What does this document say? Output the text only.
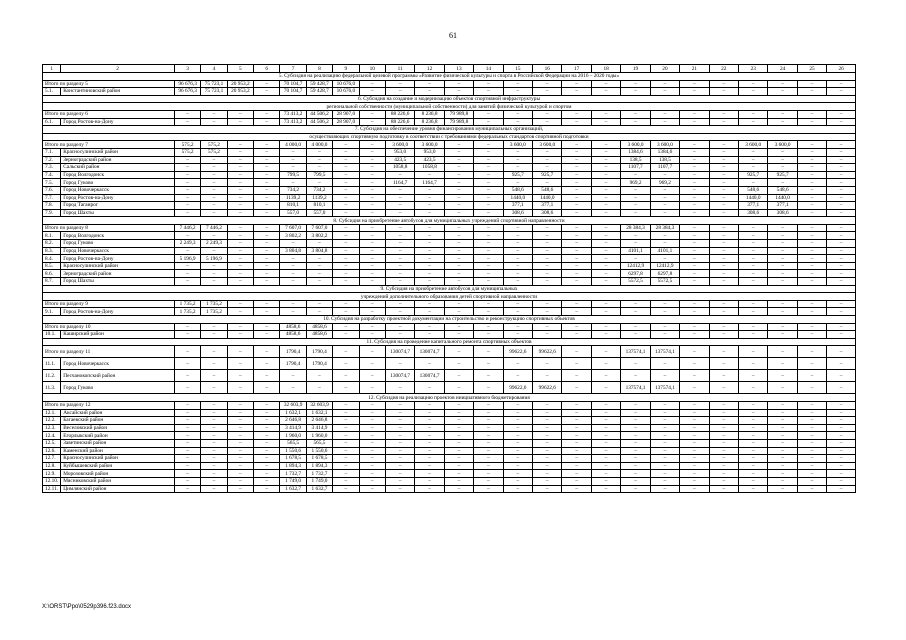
61
1	2	3	4	5	6	7	8	9	10	11	12	13	14	15	16	17	18	19	20	21	22	23	24	25	26
5. Субсидия на реализацию федеральной целевой программы «Развитие физической культуры и спорта в Российской Федерации на 2016 – 2020 годы»																									
Итого по разделу 5		96 676,3	75 723,1	20 953,2	–	70 104,7	59 428,7	10 676,0	–	–	–	–	–	–	–	–	–	–	–	–	–	–	–	–	–
5.1.	Константиновский район	96 676,3	75 723,1	20 953,2	–	70 104,7	59 428,7	10 676,0	–	–	–	–	–	–	–	–	–	–	–	–	–	–	–	–	–
6. Субсидия на создание и модернизацию объектов спортивной инфраструктуры																									
региональной собственности (муниципальной собственности) для занятий физической культурой и спортом																									
Итого по разделу 6		–	–	–	–	73 413,2	44 506,2	28 907,0	–	88 226,6	8 236,8	79 989,8	–	–	–	–	–	–	–	–	–	–	–	–	–
6.1.	Город Ростов-на-Дону	–	–	–	–	73 413,2	44 506,2	28 907,0	–	88 226,6	8 236,8	79 989,8	–	–	–	–	–	–	–	–	–	–	–	–	–
7. Субсидия на обеспечение уровня финансирования муниципальных организаций,																									
осуществляющих спортивную подготовку в соответствии с требованиями федеральных стандартов спортивной подготовки																									
Итого по разделу 7		575,2	575,2	–	–	4 000,0	4 000,0	–	–	3 600,0	3 600,0	–	–	3 600,0	3 600,0	–	–	3 600,0	3 600,0	–	–	3 600,0	3 600,0	–	–
7.1.	Красносулинский район	575,2	575,2	–	–	–	–	–	–	953,0	953,0	–	–	–	–	–	–	1384,6	1384,6	–	–	–	–	–	–
7.2.	Зерноградский район	–	–	–	–	–	–	–	–	423,5	423,5	–	–	–	–	–	–	138,5	138,5	–	–	–	–	–	–
7.3.	Сальский район	–	–	–	–	–	–	–	–	1058,8	1058,8	–	–	–	–	–	–	1107,7	1107,7	–	–	–	–	–	–
7.4.	Город Волгодонск	–	–	–	–	799,5	799,5	–	–	–	–	–	–	925,7	925,7	–	–	–	–	–	–	925,7	925,7	–	–
7.5.	Город Гуково	–	–	–	–	–	–	–	–	1164,7	1164,7	–	–	–	–	–	–	969,2	969,2	–	–	–	–	–	–
7.6.	Город Новочеркасск	–	–	–	–	734,2	734,2	–	–	–	–	–	–	548,6	548,6	–	–	–	–	–	–	548,6	548,6	–	–
7.7.	Город Ростов-на-Дону	–	–	–	–	1139,2	1139,2	–	–	–	–	–	–	1440,0	1440,0	–	–	–	–	–	–	1440,0	1440,0	–	–
7.8.	Город Таганрог	–	–	–	–	810,1	810,1	–	–	–	–	–	–	377,1	377,1	–	–	–	–	–	–	377,1	377,1	–	–
7.9.	Город Шахты	–	–	–	–	557,0	557,0	–	–	–	–	–	–	308,6	308,6	–	–	–	–	–	–	308,6	308,6	–	–
8. Субсидия на приобретение автобусов для муниципальных учреждений спортивной направленности																									
Итого по разделу 8		7 446,2	7 446,2	–	–	7 607,0	7 607,0	–	–	–	–	–	–	–	–	–	–	28 384,3	28 384,3	–	–	–	–	–	–
8.1.	Город Волгодонск	–	–	–	–	3 802,2	3 802,2	–	–	–	–	–	–	–	–	–	–	–	–	–	–	–	–	–	–
8.2.	Город Гуково	2 249,3	2 249,3	–	–	–	–	–	–	–	–	–	–	–	–	–	–	–	–	–	–	–	–	–	–
8.3.	Город Новочеркасск	–	–	–	–	3 804,8	3 804,8	–	–	–	–	–	–	–	–	–	–	4101,1	4101,1	–	–	–	–	–	–
8.4.	Город Ростов-на-Дону	5 196,9	5 196,9	–	–	–	–	–	–	–	–	–	–	–	–	–	–	–	–	–	–	–	–	–	–
8.5.	Красносулинский район	–	–	–	–	–	–	–	–	–	–	–	–	–	–	–	–	12412,9	12412,9	–	–	–	–	–	–
8.6.	Зерноградский район	–	–	–	–	–	–	–	–	–	–	–	–	–	–	–	–	6297,8	6297,8	–	–	–	–	–	–
8.7.	Город Шахты	–	–	–	–	–	–	–	–	–	–	–	–	–	–	–	–	5572,5	5572,5	–	–	–	–	–	–
9. Субсидия на приобретение автобусов для муниципальных																									
учреждений дополнительного образования детей спортивной направленности																									
Итого по разделу 9		1 735,2	1 735,2	–	–	–	–	–	–	–	–	–	–	–	–	–	–	–	–	–	–	–	–	–	–
9.1.	Город Ростов-на-Дону	1 735,2	1 735,2	–	–	–	–	–	–	–	–	–	–	–	–	–	–	–	–	–	–	–	–	–	–
10. Субсидия на разработку проектной документации на строительство и реконструкцию спортивных объектов																									
Итого по разделу 10		–	–	–	–	4858,6	4858,6	–	–	–	–	–	–	–	–	–	–	–	–	–	–	–	–	–	–
10.1.	Каширский район	–	–	–	–	4858,6	4858,6	–	–	–	–	–	–	–	–	–	–	–	–	–	–	–	–	–	–
11. Субсидия на проведение капитального ремонта спортивных объектов																									
Итого по разделу 11		–	–	–	–	1790,4	1790,4	–	–	130074,7	130074,7	–	–	99622,6	99622,6	–	–	137574,1	137574,1	–	–	–	–	–	–
11.1.	Город Новочеркасск	–	–	–	–	1790,4	1790,4	–	–	–	–	–	–	–	–	–	–	–	–	–	–	–	–	–	–
11.2.	Песчанокопский район	–	–	–	–	–	–	–	–	130074,7	130074,7	–	–	–	–	–	–	–	–	–	–	–	–	–	–
11.3.	Город Гуково	–	–	–	–	–	–	–	–	–	–	–	–	99622,6	99622,6	–	–	137574,1	137574,1	–	–	–	–	–	–
12. Субсидия на реализацию проектов инициативного бюджетирования																									
Итого по разделу 12		–	–	–	–	32 603,9	32 603,9	–	–	–	–	–	–	–	–	–	–	–	–	–	–	–	–	–	–
12.1.	Аксайский район	–	–	–	–	1 632,1	1 632,1	–	–	–	–	–	–	–	–	–	–	–	–	–	–	–	–	–	–
12.2.	Багаевский район	–	–	–	–	2 646,8	2 646,8	–	–	–	–	–	–	–	–	–	–	–	–	–	–	–	–	–	–
12.3.	Веселовский район	–	–	–	–	3 414,9	3 414,9	–	–	–	–	–	–	–	–	–	–	–	–	–	–	–	–	–	–
12.4.	Егорлыкский район	–	–	–	–	1 960,0	1 960,0	–	–	–	–	–	–	–	–	–	–	–	–	–	–	–	–	–	–
12.5.	Заветинский район	–	–	–	–	565,5	565,5	–	–	–	–	–	–	–	–	–	–	–	–	–	–	–	–	–	–
12.6.	Каменский район	–	–	–	–	1 550,6	1 550,6	–	–	–	–	–	–	–	–	–	–	–	–	–	–	–	–	–	–
12.7.	Красносулинский район	–	–	–	–	1 678,5	1 678,5	–	–	–	–	–	–	–	–	–	–	–	–	–	–	–	–	–	–
12.8.	Куйбышевский район	–	–	–	–	1 894,3	1 894,3	–	–	–	–	–	–	–	–	–	–	–	–	–	–	–	–	–	–
12.9.	Морозовский район	–	–	–	–	1 732,7	1 732,7	–	–	–	–	–	–	–	–	–	–	–	–	–	–	–	–	–	–
12.10.	Мясниковский район	–	–	–	–	1 749,0	1 749,0	–	–	–	–	–	–	–	–	–	–	–	–	–	–	–	–	–	–
12.11.	Цимлянский район	–	–	–	–	1 632,7	1 632,7	–	–	–	–	–	–	–	–	–	–	–	–	–	–	–	–	–	–
X:\ORST\Ppo\0529p396.f23.docx
